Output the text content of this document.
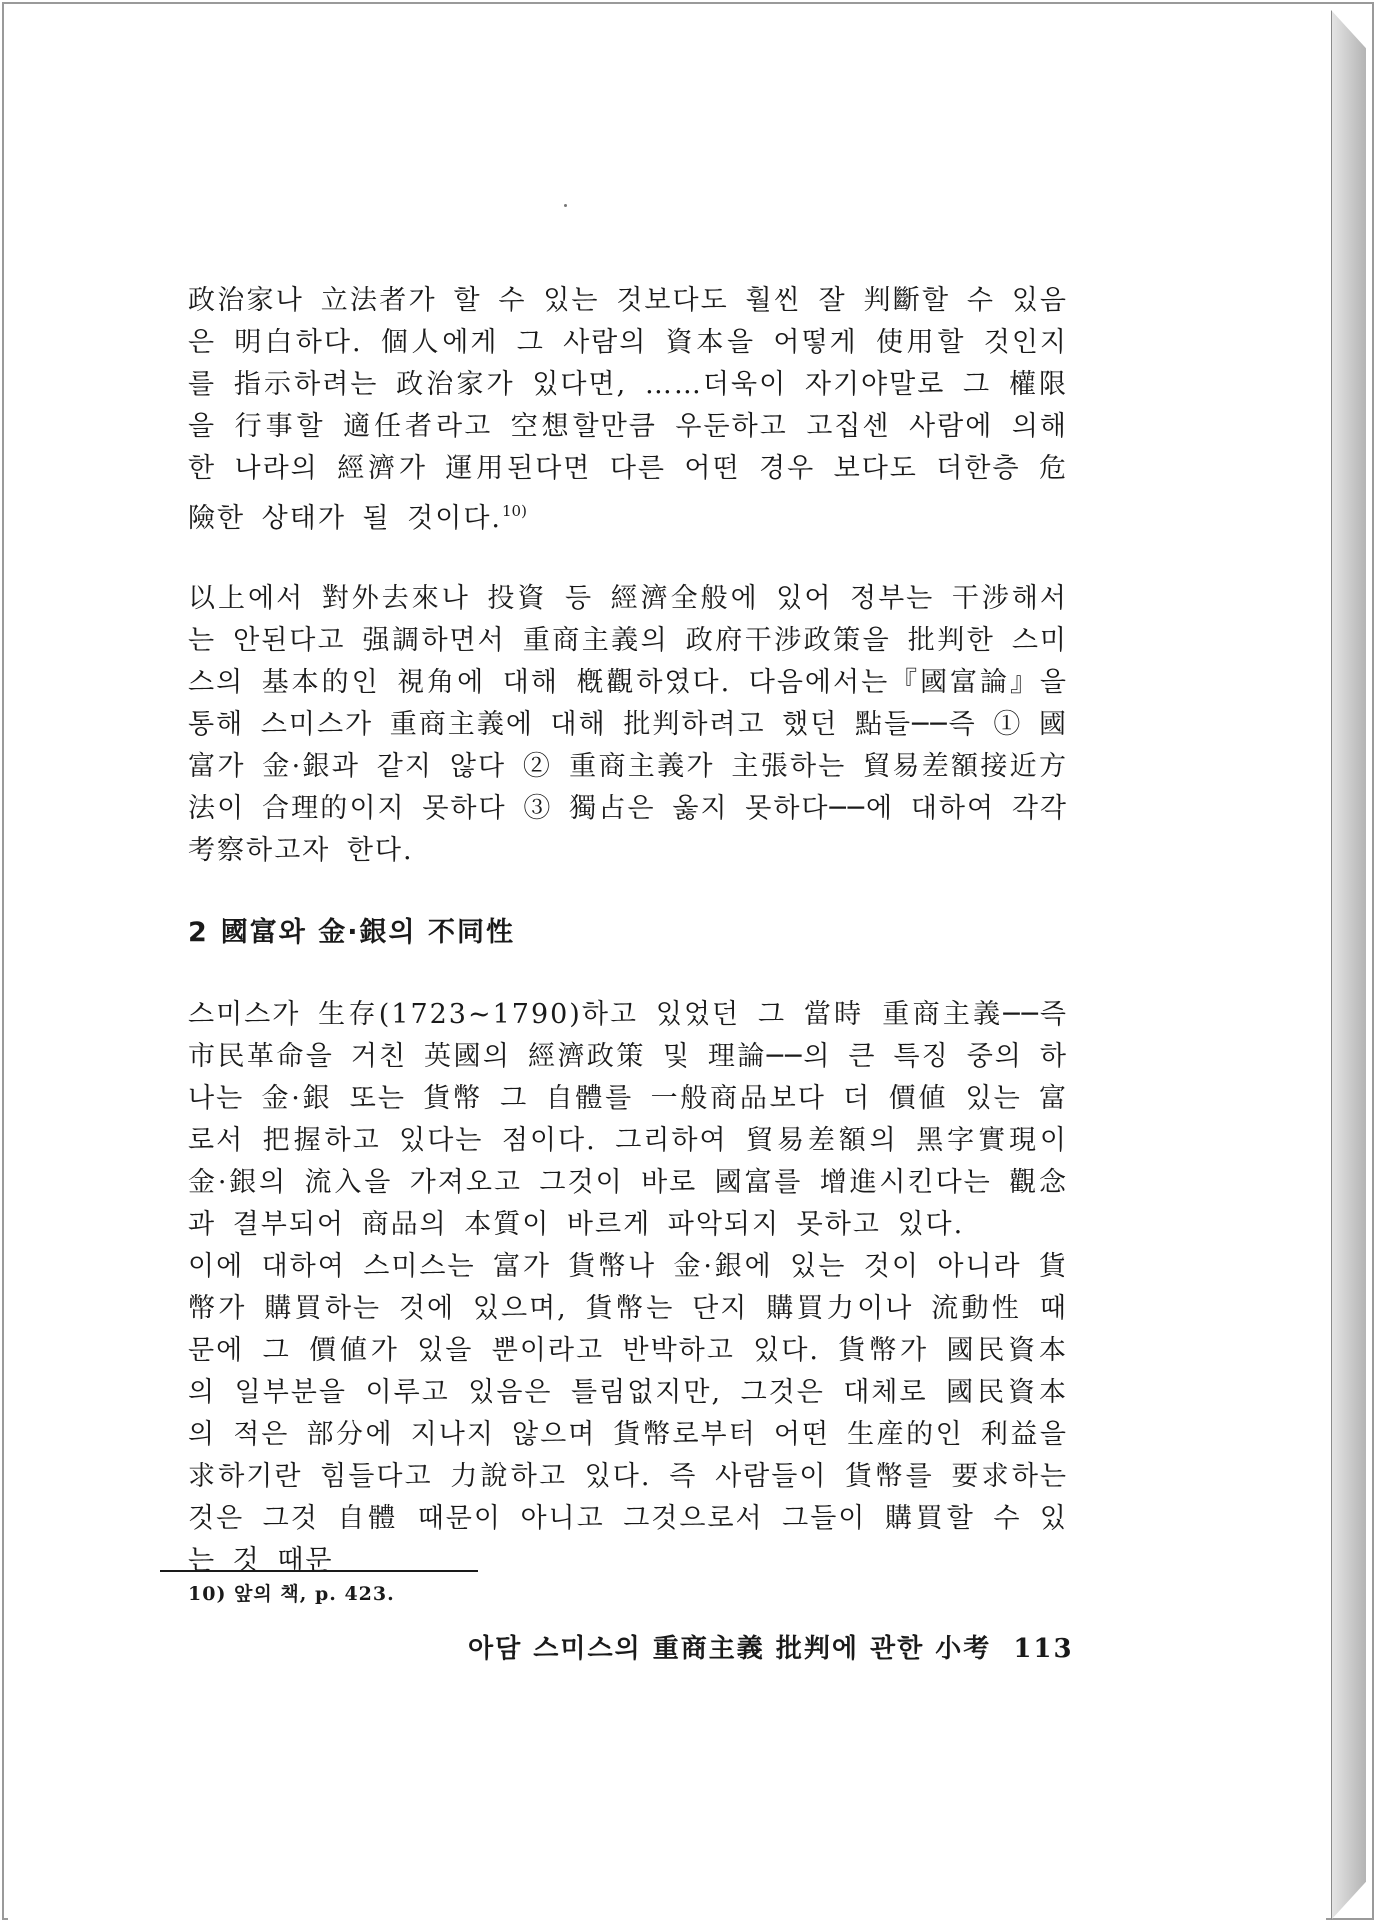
政治家나 立法者가 할 수 있는 것보다도 훨씬 잘 判斷할 수 있음은 明白하다. 個人에게 그 사람의 資本을 어떻게 使用할 것인지를 指示하려는 政治家가 있다면, ……더욱이 자기야말로 그 權限을 行事할 適任者라고 空想할만큼 우둔하고 고집센 사람에 의해 한 나라의 經濟가 運用된다면 다른 어떤 경우 보다도 더한층 危險한 상태가 될 것이다.$^{10)}$

以上에서 對外去來나 投資 등 經濟全般에 있어 정부는 干涉해서는 안된다고 强調하면서 重商主義의 政府干涉政策을 批判한 스미스의 基本的인 視角에 대해 槪觀하였다. 다음에서는『國富論』을 통해 스미스가 重商主義에 대해 批判하려고 했던 點들──즉 ① 國富가 金·銀과 같지 않다 ② 重商主義가 主張하는 貿易差額接近方法이 合理的이지 못하다 ③ 獨占은 옳지 못하다──에 대하여 각각 考察하고자 한다.

2 國富와 金·銀의 不同性

스미스가 生存(1723~1790)하고 있었던 그 當時 重商主義──즉 市民革命을 거친 英國의 經濟政策 및 理論──의 큰 특징 중의 하나는 金·銀 또는 貨幣 그 自體를 一般商品보다 더 價値 있는 富로서 把握하고 있다는 점이다. 그리하여 貿易差額의 黑字實現이 金·銀의 流入을 가져오고 그것이 바로 國富를 增進시킨다는 觀念과 결부되어 商品의 本質이 바르게 파악되지 못하고 있다.

이에 대하여 스미스는 富가 貨幣나 金·銀에 있는 것이 아니라 貨幣가 購買하는 것에 있으며, 貨幣는 단지 購買力이나 流動性 때문에 그 價値가 있을 뿐이라고 반박하고 있다. 貨幣가 國民資本의 일부분을 이루고 있음은 틀림없지만, 그것은 대체로 國民資本의 적은 部分에 지나지 않으며 貨幣로부터 어떤 生産的인 利益을 求하기란 힘들다고 力說하고 있다. 즉 사람들이 貨幣를 要求하는 것은 그것 自體 때문이 아니고 그것으로서 그들이 購買할 수 있는 것 때문

10) 앞의 책, p. 423.
아담 스미스의 重商主義 批判에 관한 小考 113
